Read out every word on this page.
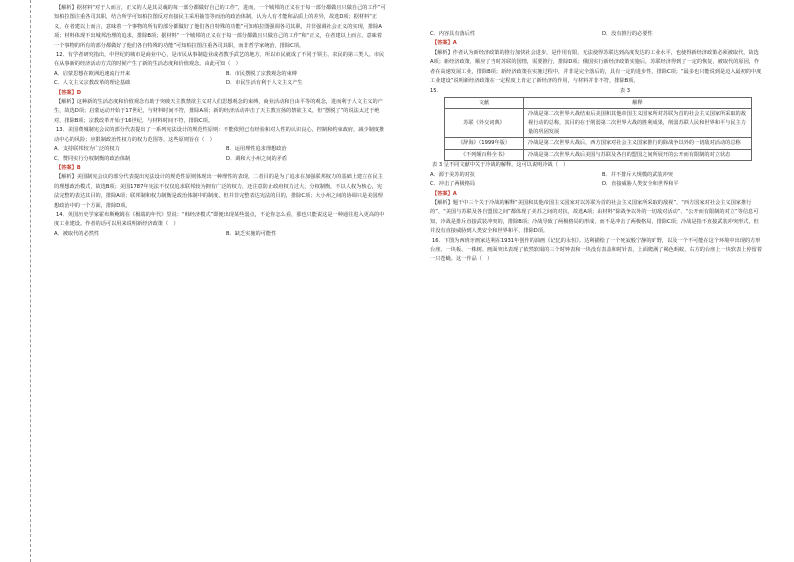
【解析】据材料“对于人而言，正义的人是其灵魂的每一部分都做好自己的工作”，进而，一个城邦的正义在于每一部分都做且只做自己的工作”可知柏拉图注重各司其职，结合所学可知柏拉图反对直接民主采用抽签等而治的政治体制，认为人有才能和品质上的差异，故选D项；据材料“正义，在者建以上而言，意味着一个事物的所有的部分都做好了他们各自特殊的功能”可知柏拉图强调各司其职，并非强调社会正义的实现，排除A项；材料体现不出城邦治理的追求，排除B项；据材料“一个城邦的正义在于每一部分都做且只做自己的工作”和“正义，在者建以上而言，意味着一个事物的所有的部分都做好了他们各自特殊的功能”可知柏拉图注重各司其职，而非哲学家统治，排除C项。

12．有学者研究指出，中世纪的城市是商业中心，是市民从事制造业或者教手武艺的地方，所以市民就成了不同于领主、农民的第三类人。市民在从事新的经济活动方式的时候产生了新的生活态度和价值观念。由此可知（　）

A．启蒙思想在欧洲迅速流行开来	B．市民摆脱了宗教观念的束缚
C．人文主义宗教改革的理论基础	D．市民生活有利于人文主义产生

【答案】D

【解析】这种新的生活态度和价值观念有助于突破天主教禁欲主义对人们思想观念的束缚，商业活动和自由平等的观念，进而利于人文主义的产生，故选D项；启蒙运动开始于17世纪，与材料时间不符，排除A项；新的经济活动冲击了天主教宣扬的禁欲主义，但“摆脱了”的说法太过于绝对，排除B项；宗教改革开始于16世纪，与材料时间不符，排除C项。

13．美国费城制宪会议的部分代表提出了一系列宪法设计的规范性原则：不能依照已有经验和对人性的认识良心，控制和约束政府，减少制度推动中心的风险；应限制政治性权力的权力范围等。这些原则旨在（　）

A．支持联邦较为广泛的权力	B．运用理性追求理想政治
C．赞同实行分权制衡的政治体制	D．调和大小州之间的矛盾

【答案】B

【解析】美国制宪会议的部分代表提出宪法设计的规范性原则体现出一种理性的表现，二者目的是为了追求在加强联邦权力的基础上建立在民主的理想政治模式，故选B项；美国1787年宪法不仅仅追求联邦较为拥有广泛的权力，还注意防止政府权力过大，分权制衡，不以人权为核心，宪法完整的表达其目的，排除A项；联邦制和权力制衡是政治体制中的制度，但并非完整表达宪法的目的，排除C项；大小州之间的协调只是美国理想政治中的一个方面，排除D项。

14．英国历史学家霍布斯鲍姆在《极端的年代》里说：“韩经济模式”即便出现某些弱点，不论你怎么看，那也只能说这是一种通往进入更高的中度工业建设。作者的话可以用来说明新经济政策（　）

A．被取代的必然性	B．缺乏实施的可能性
C．内容具有落后性	D．没有推行的必要性

【答案】A

【解析】作者认为新经济政策的推行加快社会进步，是作用有限，无法使得苏联达到高度发达的工业水平，也使得新经济政策必须被取代，故选A项；新经济政策，顺应了当时苏联的国情，需要推行，排除D项；俄国实行新经济政策实施后，苏联经济得到了一定的恢复，被取代的原因，作者在高速发展工业，排除B项；新经济政策在实施过程中，并非是完全落后的，具有一定的进步性，排除C项；“最多也只能说到是迈入最初的中度工业建设”说明新经济政策在一定程度上肯定了新经济的作用，与材料并非不符，排除B项。

15．	表 3
文献	解释
苏联《外交词典》	冷战是第二次世界大战结束后美国和其他帝国主义国家所对苏联为首的社会主义国家所采取的敌视行动的总称，其目的在于削弱第二次世界大战的胜利成果，削弱苏联人民和世界和平与民主力量的巩固发展
《辞海》（1999年版）	冷战是第二次世界大战后，西方国家对社会主义国家推行的除战争以外的一切敌对活动的总称
《不列颠百科全书》	冷战是第二次世界大战后美国与苏联及各自的盟国之间所展开的公开而有限制的对立状态

表 3 呈不同文献中关于冷战的解释。这可以说明冷战（　）

A．源于美苏的对抗	B．并不排斥大规模的武装冲突
C．冲击了两极格局	D．直接威胁人类安全和世界和平

【答案】A

【解析】题干中三个关于冷战的解释“美国和其他帝国主义国家对以苏联为首的社会主义国家所采取的敌视”、“西方国家对社会主义国家推行的”、“美国与苏联及各自盟国之间”都体现了美苏之间的对抗，故选A项；由材料“除战争以外的一切敌对活动”、“公开而有限制的对立”等信息可知，冷战是排斥直接武装冲突的，排除B项；冷战导致了两极格局的形成，而不是冲击了两极格局，排除C项；冷战是指不直接武装冲突形式，但并没有直接威胁到人类安全和世界和平，排除D项。

16．下图为西班牙画家达利在1931年创作的油画《记忆的永恒》。达利描绘了一个死寂般宁静的旷野，以及一个不可能在这个环境中出现的方形台座、一块板、一株树。画面突出表现了依然软塌的三个时钟表和一块没有表盖和时针表，上面爬满了褐色蚂蚁，右方的台座上一块软表上停留着一只苍蝇。这一作品（　）
